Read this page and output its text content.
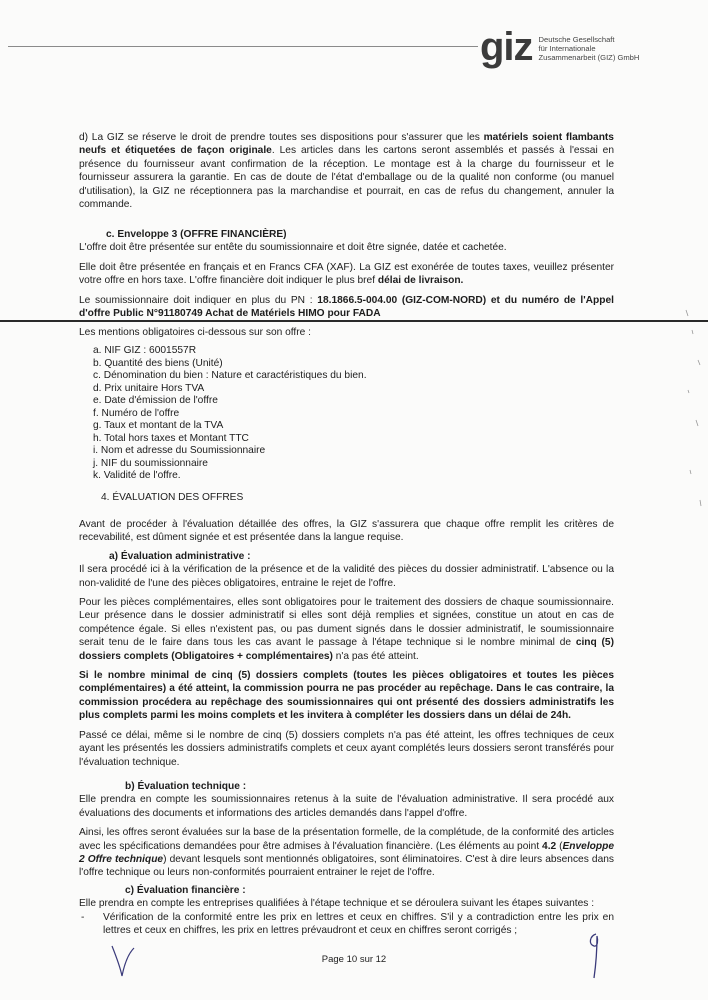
giz Deutsche Gesellschaft
für Internationale
Zusammenarbeit (GIZ) GmbH

d) La GIZ se réserve le droit de prendre toutes ses dispositions pour s'assurer que les matériels soient flambants neufs et étiquetées de façon originale. Les articles dans les cartons seront assemblés et passés à l'essai en présence du fournisseur avant confirmation de la réception. Le montage est à la charge du fournisseur et le fournisseur assurera la garantie. En cas de doute de l'état d'emballage ou de la qualité non conforme (ou manuel d'utilisation), la GIZ ne réceptionnera pas la marchandise et pourrait, en cas de refus du changement, annuler la commande.

c. Enveloppe 3 (OFFRE FINANCIÈRE)

L'offre doit être présentée sur entête du soumissionnaire et doit être signée, datée et cachetée.

Elle doit être présentée en français et en Francs CFA (XAF). La GIZ est exonérée de toutes taxes, veuillez présenter votre offre en hors taxe. L'offre financière doit indiquer le plus bref délai de livraison.

Le soumissionnaire doit indiquer en plus du PN : 18.1866.5-004.00 (GIZ-COM-NORD) et du numéro de l'Appel d'offre Public N°91180749 Achat de Matériels HIMO pour FADA

Les mentions obligatoires ci-dessous sur son offre :

a. NIF GIZ : 6001557R
b. Quantité des biens (Unité)
c. Dénomination du bien : Nature et caractéristiques du bien.
d. Prix unitaire Hors TVA
e. Date d'émission de l'offre
f. Numéro de l'offre
g. Taux et montant de la TVA
h. Total hors taxes et Montant TTC
i. Nom et adresse du Soumissionnaire
j. NIF du soumissionnaire
k. Validité de l'offre.
4. ÉVALUATION DES OFFRES

Avant de procéder à l'évaluation détaillée des offres, la GIZ s'assurera que chaque offre remplit les critères de recevabilité, est dûment signée et est présentée dans la langue requise.

a) Évaluation administrative :

Il sera procédé ici à la vérification de la présence et de la validité des pièces du dossier administratif. L'absence ou la non-validité de l'une des pièces obligatoires, entraine le rejet de l'offre.

Pour les pièces complémentaires, elles sont obligatoires pour le traitement des dossiers de chaque soumissionnaire. Leur présence dans le dossier administratif si elles sont déjà remplies et signées, constitue un atout en cas de compétence égale. Si elles n'existent pas, ou pas dument signés dans le dossier administratif, le soumissionnaire serait tenu de le faire dans tous les cas avant le passage à l'étape technique si le nombre minimal de cinq (5) dossiers complets (Obligatoires + complémentaires) n'a pas été atteint.

Si le nombre minimal de cinq (5) dossiers complets (toutes les pièces obligatoires et toutes les pièces complémentaires) a été atteint, la commission pourra ne pas procéder au repêchage. Dans le cas contraire, la commission procédera au repêchage des soumissionnaires qui ont présenté des dossiers administratifs les plus complets parmi les moins complets et les invitera à compléter les dossiers dans un délai de 24h.

Passé ce délai, même si le nombre de cinq (5) dossiers complets n'a pas été atteint, les offres techniques de ceux ayant les présentés les dossiers administratifs complets et ceux ayant complétés leurs dossiers seront transférés pour l'évaluation technique.

b) Évaluation technique :

Elle prendra en compte les soumissionnaires retenus à la suite de l'évaluation administrative. Il sera procédé aux évaluations des documents et informations des articles demandés dans l'appel d'offre.

Ainsi, les offres seront évaluées sur la base de la présentation formelle, de la complétude, de la conformité des articles avec les spécifications demandées pour être admises à l'évaluation financière. (Les éléments au point 4.2 (Enveloppe 2 Offre technique) devant lesquels sont mentionnés obligatoires, sont éliminatoires. C'est à dire leurs absences dans l'offre technique ou leurs non-conformités pourraient entrainer le rejet de l'offre.

c) Évaluation financière :

Elle prendra en compte les entreprises qualifiées à l'étape technique et se déroulera suivant les étapes suivantes :

-	Vérification de la conformité entre les prix en lettres et ceux en chiffres. S'il y a contradiction entre les prix en lettres et ceux en chiffres, les prix en lettres prévaudront et ceux en chiffres seront corrigés ;

Page 10 sur 12
